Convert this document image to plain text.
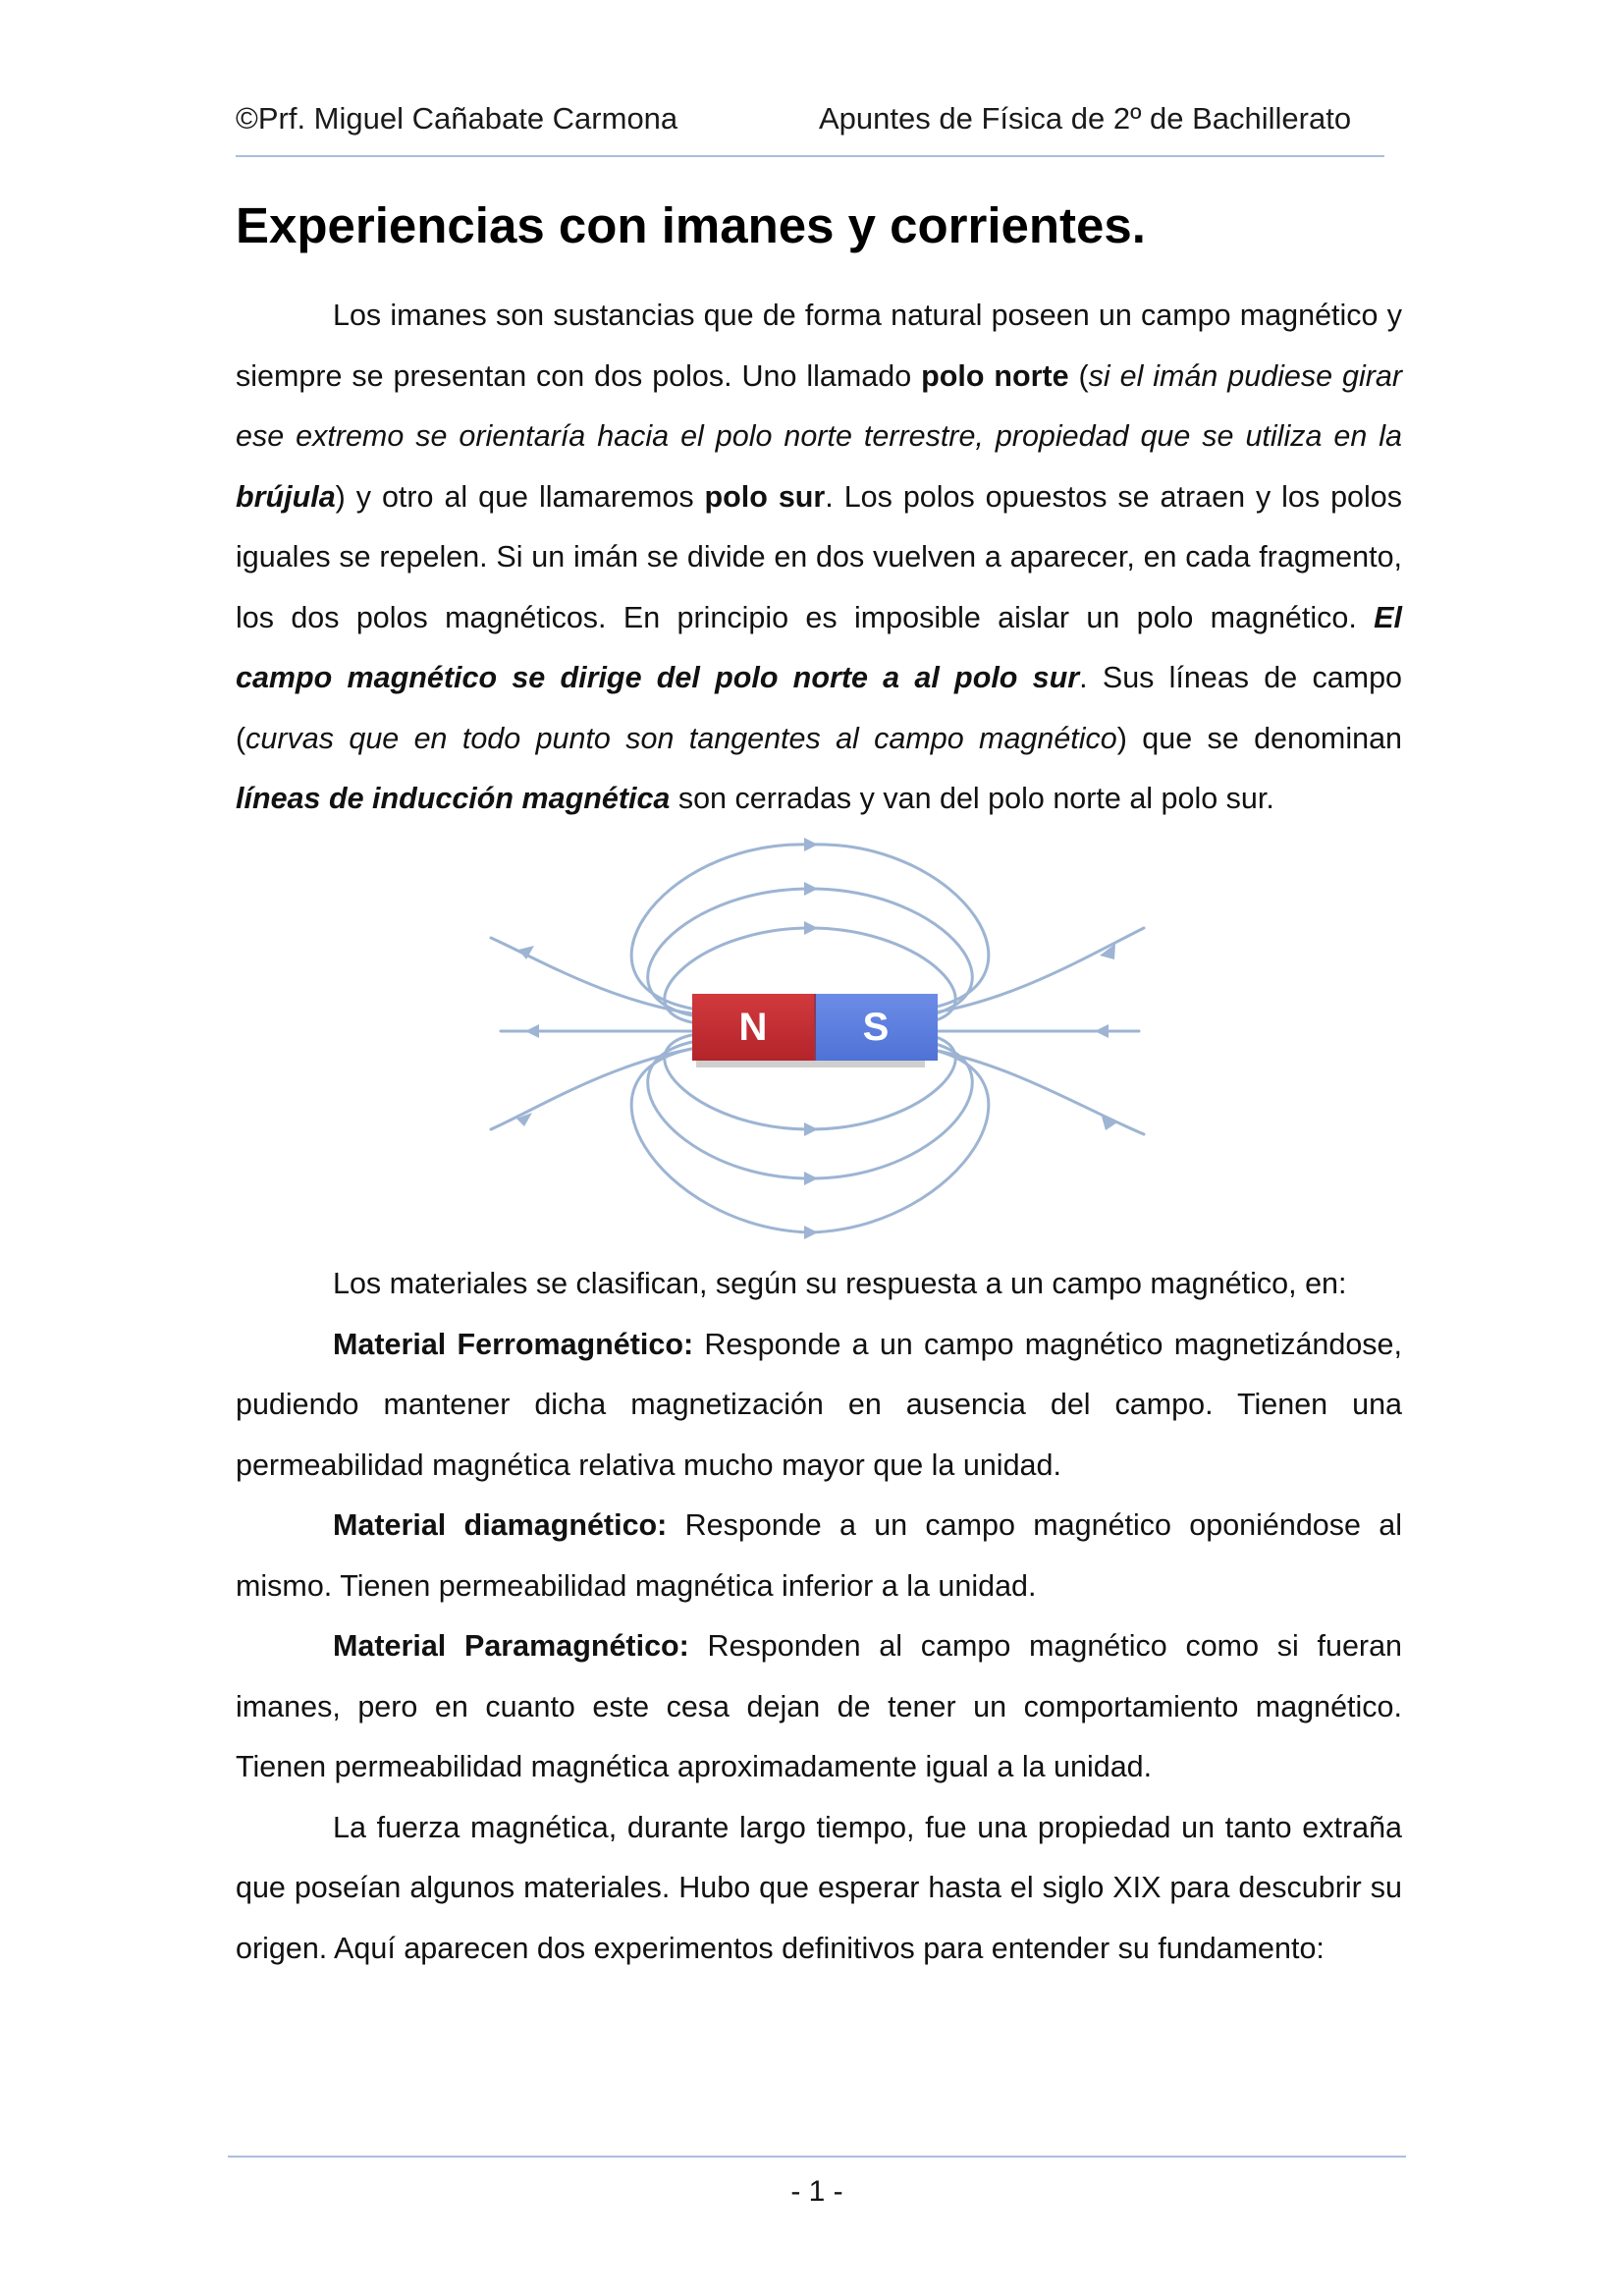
©Prf. Miguel Cañabate Carmona	Apuntes de Física de 2º de Bachillerato
Experiencias con imanes y corrientes.

Los imanes son sustancias que de forma natural poseen un campo magnético y siempre se presentan con dos polos. Uno llamado polo norte (si el imán pudiese girar ese extremo se orientaría hacia el polo norte terrestre, propiedad que se utiliza en la brújula) y otro al que llamaremos polo sur. Los polos opuestos se atraen y los polos iguales se repelen. Si un imán se divide en dos vuelven a aparecer, en cada fragmento, los dos polos magnéticos. En principio es imposible aislar un polo magnético. El campo magnético se dirige del polo norte a al polo sur. Sus líneas de campo (curvas que en todo punto son tangentes al campo magnético) que se denominan líneas de inducción magnética son cerradas y van del polo norte al polo sur.

N S

Los materiales se clasifican, según su respuesta a un campo magnético, en:

Material Ferromagnético: Responde a un campo magnético magnetizándose, pudiendo mantener dicha magnetización en ausencia del campo. Tienen una permeabilidad magnética relativa mucho mayor que la unidad.

Material diamagnético: Responde a un campo magnético oponiéndose al mismo. Tienen permeabilidad magnética inferior a la unidad.

Material Paramagnético: Responden al campo magnético como si fueran imanes, pero en cuanto este cesa dejan de tener un comportamiento magnético. Tienen permeabilidad magnética aproximadamente igual a la unidad.

La fuerza magnética, durante largo tiempo, fue una propiedad un tanto extraña que poseían algunos materiales. Hubo que esperar hasta el siglo XIX para descubrir su origen. Aquí aparecen dos experimentos definitivos para entender su fundamento:

- 1 -
